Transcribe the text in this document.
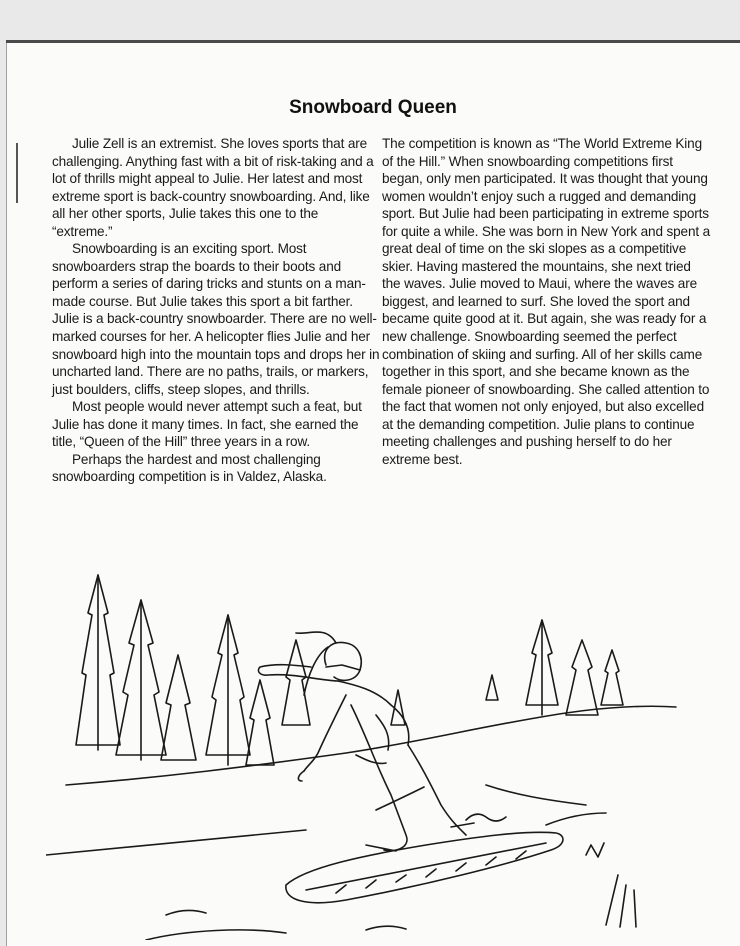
Snowboard Queen

Julie Zell is an extremist. She loves sports that are challenging. Anything fast with a bit of risk-taking and a lot of thrills might appeal to Julie. Her latest and most extreme sport is back-country snowboarding. And, like all her other sports, Julie takes this one to the “extreme.”

Snowboarding is an exciting sport. Most snowboarders strap the boards to their boots and perform a series of daring tricks and stunts on a man-made course. But Julie takes this sport a bit farther. Julie is a back-country snowboarder. There are no well-marked courses for her. A helicopter flies Julie and her snowboard high into the mountain tops and drops her in uncharted land. There are no paths, trails, or markers, just boulders, cliffs, steep slopes, and thrills.

Most people would never attempt such a feat, but Julie has done it many times. In fact, she earned the title, “Queen of the Hill” three years in a row.

Perhaps the hardest and most challenging snowboarding competition is in Valdez, Alaska.

The competition is known as “The World Extreme King of the Hill.” When snowboarding competitions first began, only men participated. It was thought that young women wouldn’t enjoy such a rugged and demanding sport. But Julie had been participating in extreme sports for quite a while. She was born in New York and spent a great deal of time on the ski slopes as a competitive skier. Having mastered the mountains, she next tried the waves. Julie moved to Maui, where the waves are biggest, and learned to surf. She loved the sport and became quite good at it. But again, she was ready for a new challenge. Snowboarding seemed the perfect combination of skiing and surfing. All of her skills came together in this sport, and she became known as the female pioneer of snowboarding. She called attention to the fact that women not only enjoyed, but also excelled at the demanding competition. Julie plans to continue meeting challenges and pushing herself to do her extreme best.
